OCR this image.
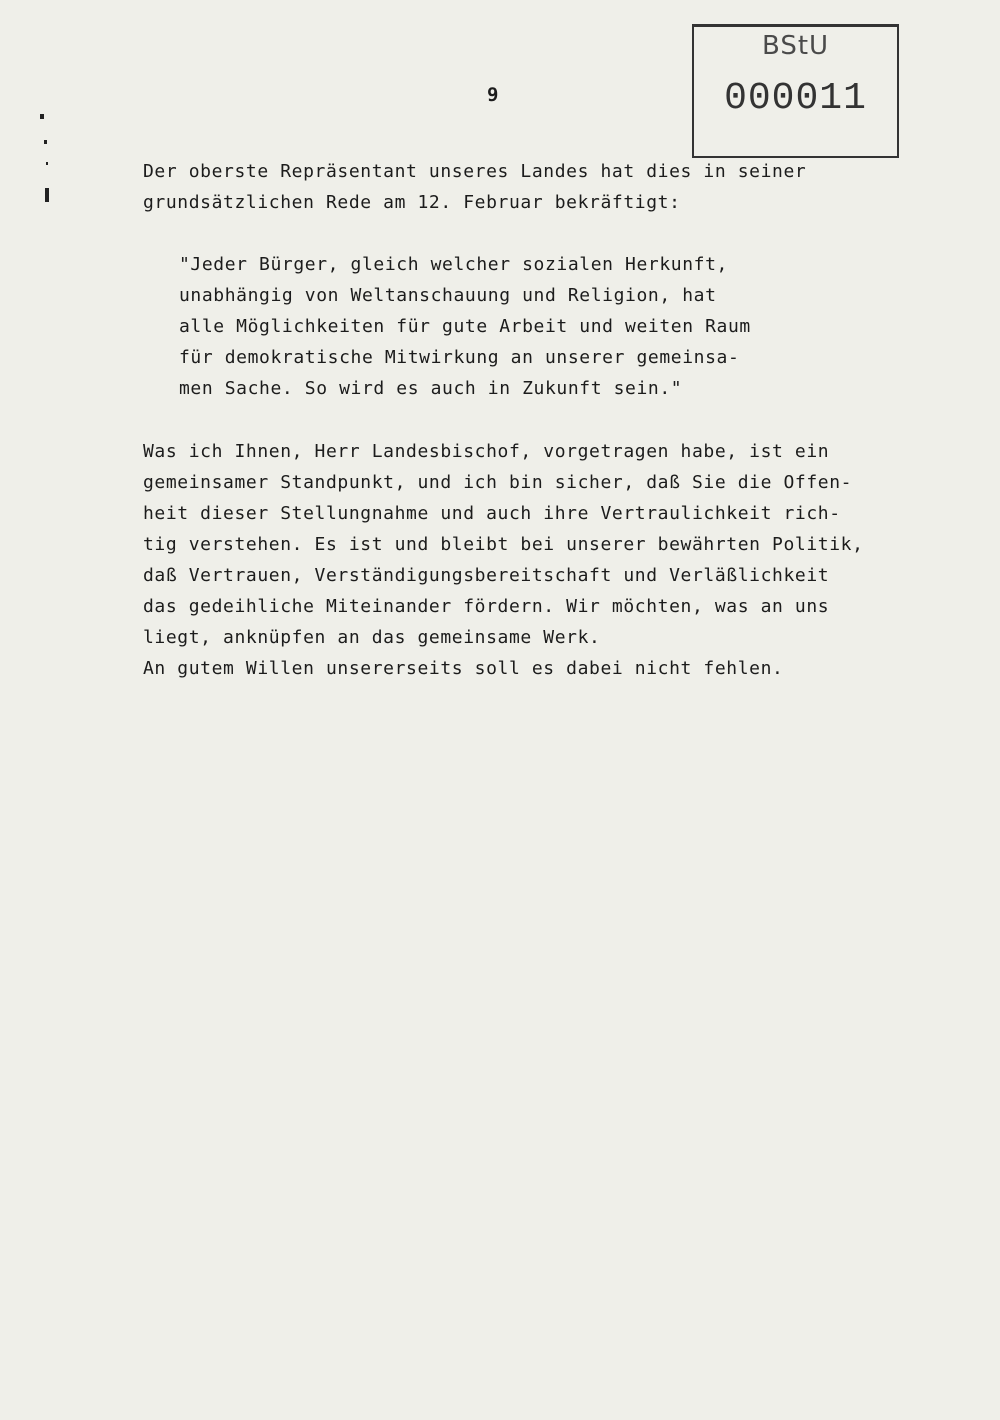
9
BStU
000011
Der oberste Repräsentant unseres Landes hat dies in seiner
grundsätzlichen Rede am 12. Februar bekräftigt:
"Jeder Bürger, gleich welcher sozialen Herkunft,
unabhängig von Weltanschauung und Religion, hat
alle Möglichkeiten für gute Arbeit und weiten Raum
für demokratische Mitwirkung an unserer gemeinsa-
men Sache. So wird es auch in Zukunft sein."
Was ich Ihnen, Herr Landesbischof, vorgetragen habe, ist ein
gemeinsamer Standpunkt, und ich bin sicher, daß Sie die Offen-
heit dieser Stellungnahme und auch ihre Vertraulichkeit rich-
tig verstehen. Es ist und bleibt bei unserer bewährten Politik,
daß Vertrauen, Verständigungsbereitschaft und Verläßlichkeit
das gedeihliche Miteinander fördern. Wir möchten, was an uns
liegt, anknüpfen an das gemeinsame Werk.
An gutem Willen unsererseits soll es dabei nicht fehlen.
